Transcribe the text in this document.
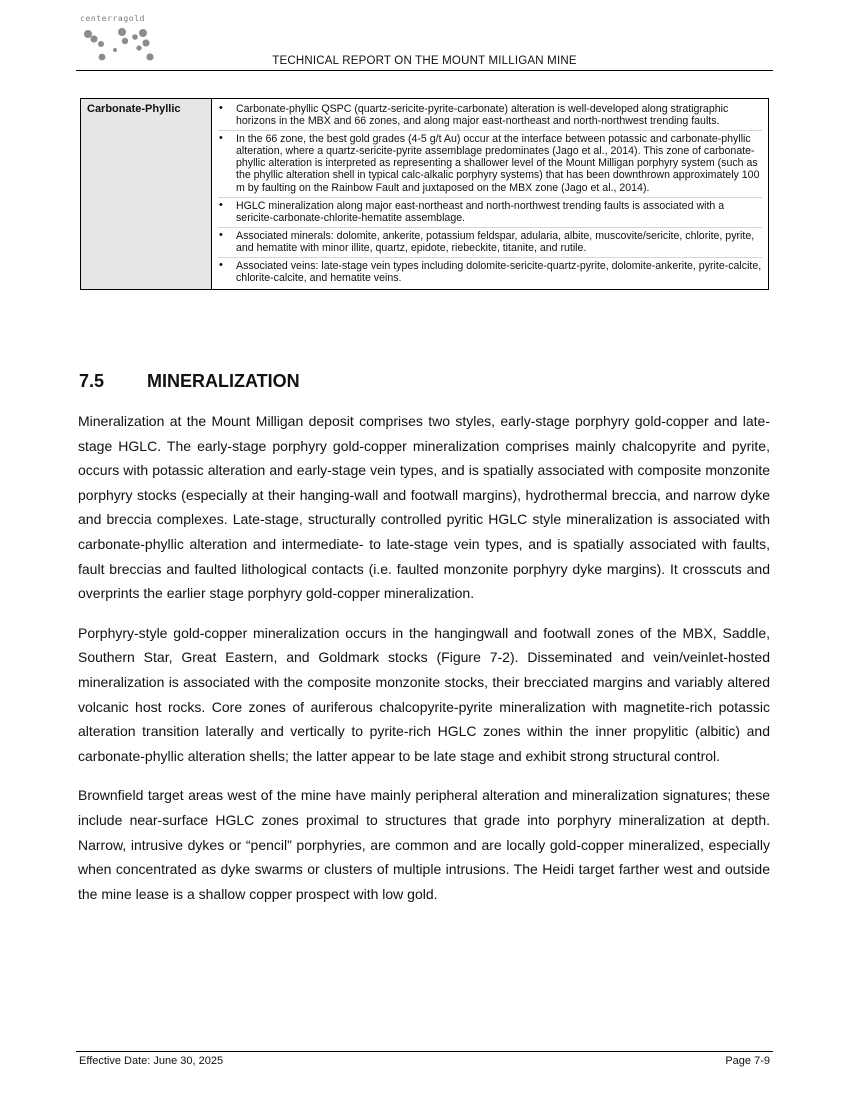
centerragold
TECHNICAL REPORT ON THE MOUNT MILLIGAN MINE
Carbonate-Phyllic	
•Carbonate-phyllic QSPC (quartz-sericite-pyrite-carbonate) alteration is well-developed along stratigraphic horizons in the MBX and 66 zones, and along major east-northeast and north-northwest trending faults.
• In the 66 zone, the best gold grades (4-5 g/t Au) occur at the interface between potassic and carbonate-phyllic alteration, where a quartz-sericite-pyrite assemblage predominates (Jago et al., 2014). This zone of carbonate-phyllic alteration is interpreted as representing a shallower level of the Mount Milligan porphyry system (such as the phyllic alteration shell in typical calc-alkalic porphyry systems) that has been downthrown approximately 100 m by faulting on the Rainbow Fault and juxtaposed on the MBX zone (Jago et al., 2014).
• HGLC mineralization along major east-northeast and north-northwest trending faults is associated with a sericite-carbonate-chlorite-hematite assemblage.
• Associated minerals: dolomite, ankerite, potassium feldspar, adularia, albite, muscovite/sericite, chlorite, pyrite, and hematite with minor illite, quartz, epidote, riebeckite, titanite, and rutile.
• Associated veins: late-stage vein types including dolomite-sericite-quartz-pyrite, dolomite-ankerite, pyrite-calcite, chlorite-calcite, and hematite veins.
7.5 MINERALIZATION

Mineralization at the Mount Milligan deposit comprises two styles, early-stage porphyry gold-copper and late-stage HGLC. The early-stage porphyry gold-copper mineralization comprises mainly chalcopyrite and pyrite, occurs with potassic alteration and early-stage vein types, and is spatially associated with composite monzonite porphyry stocks (especially at their hanging-wall and footwall margins), hydrothermal breccia, and narrow dyke and breccia complexes. Late-stage, structurally controlled pyritic HGLC style mineralization is associated with carbonate-phyllic alteration and intermediate- to late-stage vein types, and is spatially associated with faults, fault breccias and faulted lithological contacts (i.e. faulted monzonite porphyry dyke margins). It crosscuts and overprints the earlier stage porphyry gold-copper mineralization.

Porphyry-style gold-copper mineralization occurs in the hangingwall and footwall zones of the MBX, Saddle, Southern Star, Great Eastern, and Goldmark stocks (Figure 7-2). Disseminated and vein/veinlet-hosted mineralization is associated with the composite monzonite stocks, their brecciated margins and variably altered volcanic host rocks. Core zones of auriferous chalcopyrite-pyrite mineralization with magnetite-rich potassic alteration transition laterally and vertically to pyrite-rich HGLC zones within the inner propylitic (albitic) and carbonate-phyllic alteration shells; the latter appear to be late stage and exhibit strong structural control.

Brownfield target areas west of the mine have mainly peripheral alteration and mineralization signatures; these include near-surface HGLC zones proximal to structures that grade into porphyry mineralization at depth. Narrow, intrusive dykes or “pencil” porphyries, are common and are locally gold-copper mineralized, especially when concentrated as dyke swarms or clusters of multiple intrusions. The Heidi target farther west and outside the mine lease is a shallow copper prospect with low gold.

Effective Date: June 30, 2025	Page 7-9
